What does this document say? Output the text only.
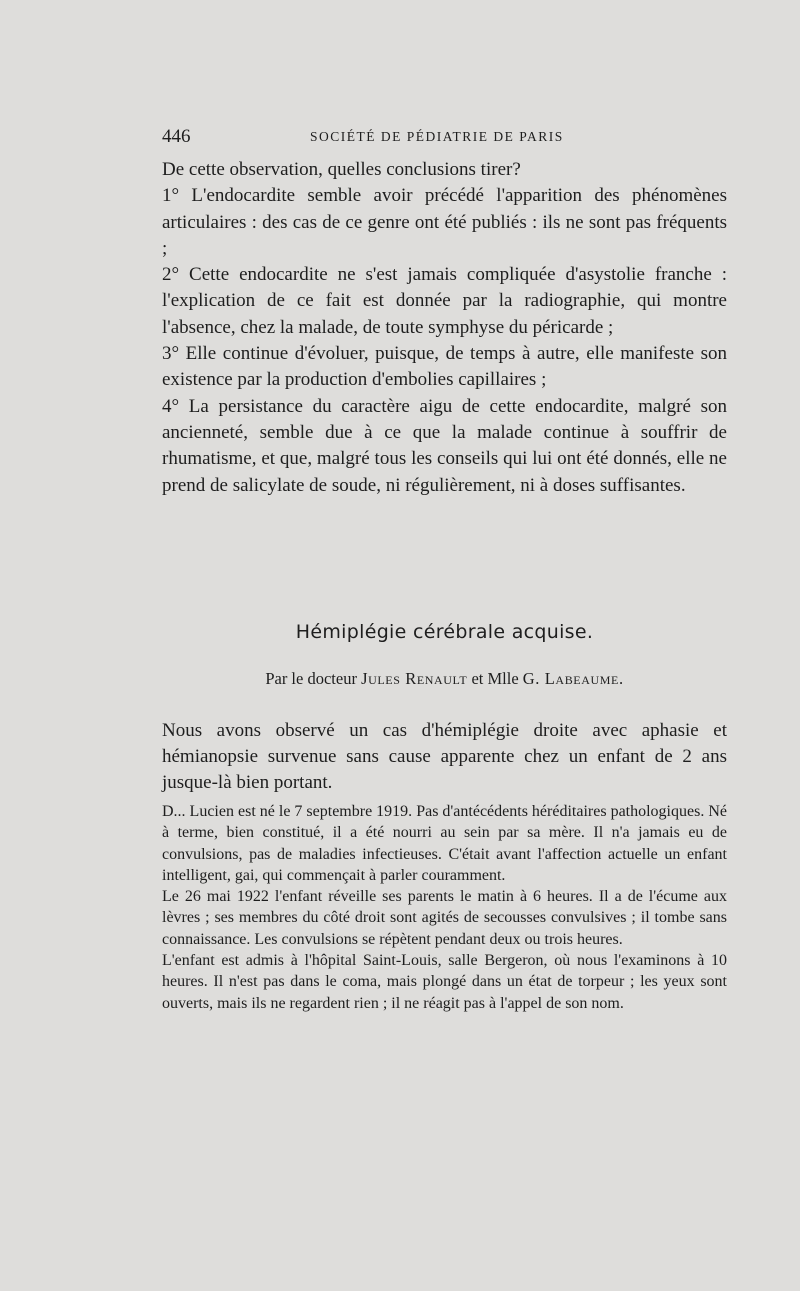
446	SOCIÉTÉ DE PÉDIATRIE DE PARIS

De cette observation, quelles conclusions tirer?

1° L'endocardite semble avoir précédé l'apparition des phénomènes articulaires : des cas de ce genre ont été publiés : ils ne sont pas fréquents ;

2° Cette endocardite ne s'est jamais compliquée d'asystolie franche : l'explication de ce fait est donnée par la radiographie, qui montre l'absence, chez la malade, de toute symphyse du péricarde ;

3° Elle continue d'évoluer, puisque, de temps à autre, elle manifeste son existence par la production d'embolies capillaires ;

4° La persistance du caractère aigu de cette endocardite, malgré son ancienneté, semble due à ce que la malade continue à souffrir de rhumatisme, et que, malgré tous les conseils qui lui ont été donnés, elle ne prend de salicylate de soude, ni régulièrement, ni à doses suffisantes.

Hémiplégie cérébrale acquise.
Par le docteur Jules Renault et Mlle G. Labeaume.

Nous avons observé un cas d'hémiplégie droite avec aphasie et hémianopsie survenue sans cause apparente chez un enfant de 2 ans jusque-là bien portant.

D... Lucien est né le 7 septembre 1919. Pas d'antécédents héréditaires pathologiques. Né à terme, bien constitué, il a été nourri au sein par sa mère. Il n'a jamais eu de convulsions, pas de maladies infectieuses. C'était avant l'affection actuelle un enfant intelligent, gai, qui commençait à parler couramment.

Le 26 mai 1922 l'enfant réveille ses parents le matin à 6 heures. Il a de l'écume aux lèvres ; ses membres du côté droit sont agités de secousses convulsives ; il tombe sans connaissance. Les convulsions se répètent pendant deux ou trois heures.

L'enfant est admis à l'hôpital Saint-Louis, salle Bergeron, où nous l'examinons à 10 heures. Il n'est pas dans le coma, mais plongé dans un état de torpeur ; les yeux sont ouverts, mais ils ne regardent rien ; il ne réagit pas à l'appel de son nom.
